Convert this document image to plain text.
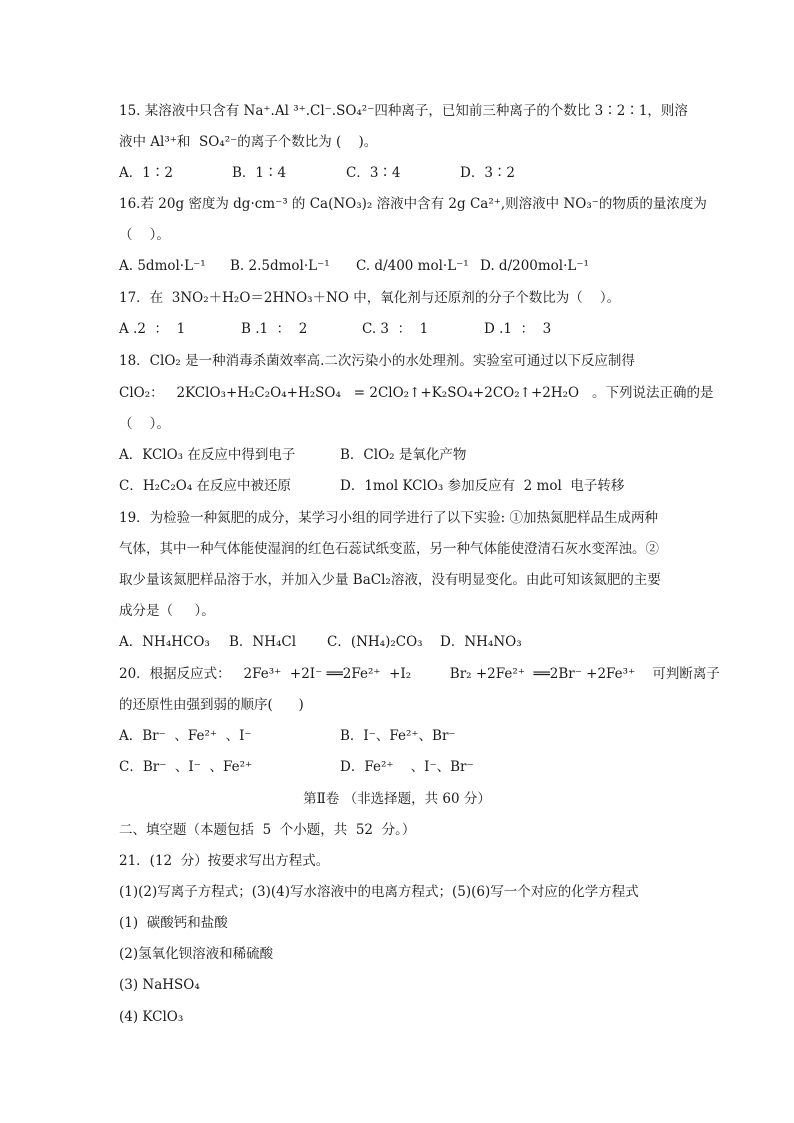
15. 某溶液中只含有 Na⁺.Al ³⁺.Cl⁻.SO₄²⁻四种离子，已知前三种离子的个数比 3∶2∶1，则溶
液中 Al³⁺和  SO₄²⁻的离子个数比为 (    )。
A．1∶2	B．1∶4	C．3∶4	D．3∶2
16.若 20g 密度为 dg·cm⁻³ 的 Ca(NO₃)₂ 溶液中含有 2g Ca²⁺,则溶液中 NO₃⁻的物质的量浓度为
（    ）。
A. 5dmol·L⁻¹ B. 2.5dmol·L⁻¹ C. d/400 mol·L⁻¹ D. d/200mol·L⁻¹
17．在  3NO₂＋H₂O＝2HNO₃＋NO 中，氧化剂与还原剂的分子个数比为（    ）。
A .2  ：  1	B .1  ：  2	C. 3  ：  1	D .1  ：  3
18．ClO₂ 是一种消毒杀菌效率高.二次污染小的水处理剂。实验室可通过以下反应制得
ClO₂：   2KClO₃+H₂C₂O₄+H₂SO₄   = 2ClO₂↑+K₂SO₄+2CO₂↑+2H₂O   。下列说法正确的是
（    ）。
A．KClO₃ 在反应中得到电子	B．ClO₂ 是氧化产物
C．H₂C₂O₄ 在反应中被还原	D．1mol KClO₃ 参加反应有  2 mol  电子转移
19．为检验一种氮肥的成分，某学习小组的同学进行了以下实验: ①加热氮肥样品生成两种
气体，其中一种气体能使湿润的红色石蕊试纸变蓝，另一种气体能使澄清石灰水变浑浊。②
取少量该氮肥样品溶于水，并加入少量 BaCl₂溶液，没有明显变化。由此可知该氮肥的主要
成分是（     ）。
A．NH₄HCO₃ B．NH₄Cl C．(NH₄)₂CO₃ D．NH₄NO₃
20．根据反应式：   2Fe³⁺  +2I⁻ ══2Fe²⁺  +I₂         Br₂ +2Fe²⁺  ══2Br⁻ +2Fe³⁺    可判断离子
的还原性由强到弱的顺序(      )
A．Br⁻  、Fe²⁺  、I⁻	B．I⁻、Fe²⁺、Br⁻
C．Br⁻  、I⁻  、Fe²⁺	D．Fe²⁺    、I⁻、Br⁻
第Ⅱ卷 （非选择题，共 60 分）
二、填空题（本题包括  5  个小题，共  52  分。）
21．(12  分）按要求写出方程式。
(1)(2)写离子方程式；(3)(4)写水溶液中的电离方程式；(5)(6)写一个对应的化学方程式
(1)  碳酸钙和盐酸
(2)氢氧化钡溶液和稀硫酸
(3) NaHSO₄
(4) KClO₃
